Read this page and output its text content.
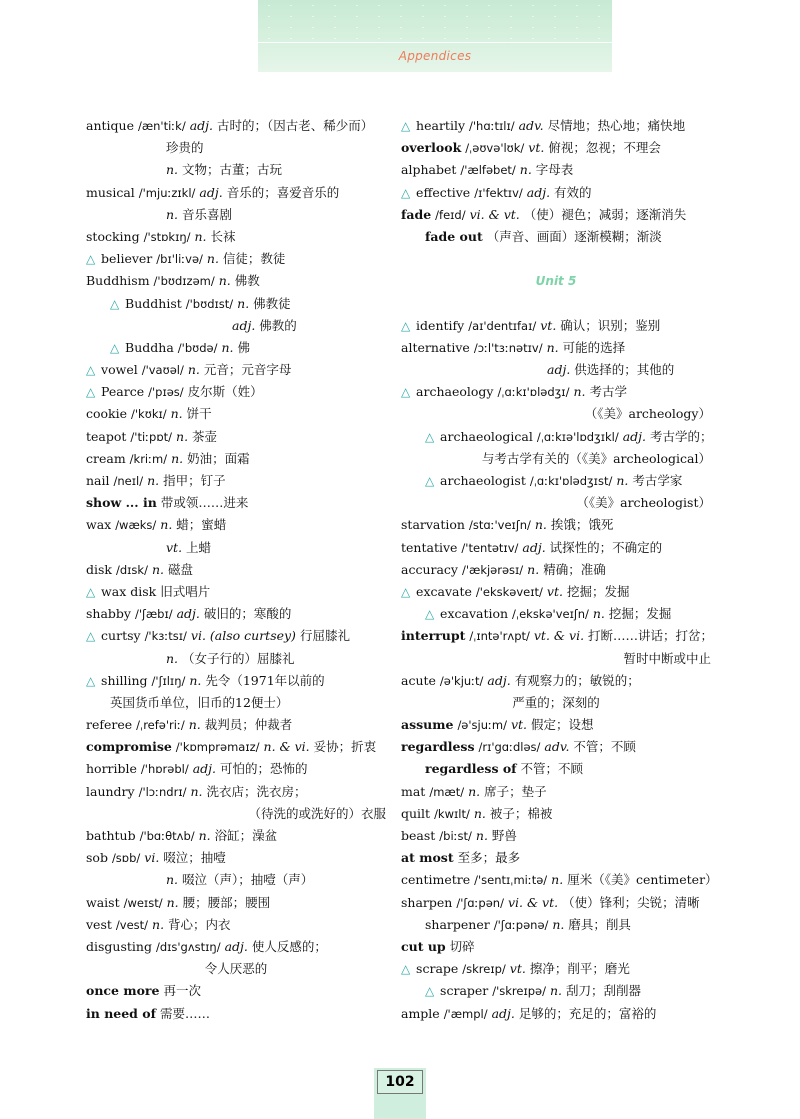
Appendices
antique /æn'tiːk/ adj. 古时的；（因古老、稀少而）
珍贵的
n. 文物；古董；古玩
musical /'mjuːzɪkl/ adj. 音乐的；喜爱音乐的
n. 音乐喜剧
stocking /'stɒkɪŋ/ n. 长袜
△ believer /bɪ'liːvə/ n. 信徒；教徒
Buddhism /'bʊdɪzəm/ n. 佛教
△ Buddhist /'bʊdɪst/ n. 佛教徒
adj. 佛教的
△ Buddha /'bʊdə/ n. 佛
△ vowel /'vaʊəl/ n. 元音；元音字母
△ Pearce /'pɪəs/ 皮尔斯（姓）
cookie /'kʊkɪ/ n. 饼干
teapot /'tiːpɒt/ n. 茶壶
cream /kriːm/ n. 奶油；面霜
nail /neɪl/ n. 指甲；钉子
show ... in 带或领……进来
wax /wæks/ n. 蜡；蜜蜡
vt. 上蜡
disk /dɪsk/ n. 磁盘
△ wax disk 旧式唱片
shabby /'ʃæbɪ/ adj. 破旧的；寒酸的
△ curtsy /'kɜːtsɪ/ vi. (also curtsey) 行屈膝礼
n. （女子行的）屈膝礼
△ shilling /'ʃɪlɪŋ/ n. 先令（1971年以前的
英国货币单位，旧币的12便士）
referee /ˌrefə'riː/ n. 裁判员；仲裁者
compromise /'kɒmprəmaɪz/ n. & vi. 妥协；折衷
horrible /'hɒrəbl/ adj. 可怕的；恐怖的
laundry /'lɔːndrɪ/ n. 洗衣店；洗衣房；
（待洗的或洗好的）衣服
bathtub /'bɑːθtʌb/ n. 浴缸；澡盆
sob /sɒb/ vi. 啜泣；抽噎
n. 啜泣（声）；抽噎（声）
waist /weɪst/ n. 腰；腰部；腰围
vest /vest/ n. 背心；内衣
disgusting /dɪs'gʌstɪŋ/ adj. 使人反感的；
令人厌恶的
once more 再一次
in need of 需要……
△ heartily /'hɑːtɪlɪ/ adv. 尽情地；热心地；痛快地
overlook /ˌəʊvə'lʊk/ vt. 俯视；忽视；不理会
alphabet /'ælfəbet/ n. 字母表
△ effective /ɪ'fektɪv/ adj. 有效的
fade /feɪd/ vi. & vt. （使）褪色；减弱；逐渐消失
fade out （声音、画面）逐渐模糊；渐淡
Unit 5
△ identify /aɪ'dentɪfaɪ/ vt. 确认；识别；鉴别
alternative /ɔːl'tɜːnətɪv/ n. 可能的选择
adj. 供选择的；其他的
△ archaeology /ˌɑːkɪ'ɒlədʒɪ/ n. 考古学
（《美》archeology）
△ archaeological /ˌɑːkɪə'lɒdʒɪkl/ adj. 考古学的；
与考古学有关的（《美》archeological）
△ archaeologist /ˌɑːkɪ'ɒlədʒɪst/ n. 考古学家
（《美》archeologist）
starvation /stɑː'veɪʃn/ n. 挨饿；饿死
tentative /'tentətɪv/ adj. 试探性的；不确定的
accuracy /'ækjərəsɪ/ n. 精确；准确
△ excavate /'ekskəveɪt/ vt. 挖掘；发掘
△ excavation /ˌekskə'veɪʃn/ n. 挖掘；发掘
interrupt /ˌɪntə'rʌpt/ vt. & vi. 打断……讲话；打岔；
暂时中断或中止
acute /ə'kjuːt/ adj. 有观察力的；敏锐的；
严重的；深刻的
assume /ə'sjuːm/ vt. 假定；设想
regardless /rɪ'gɑːdləs/ adv. 不管；不顾
regardless of 不管；不顾
mat /mæt/ n. 席子；垫子
quilt /kwɪlt/ n. 被子；棉被
beast /biːst/ n. 野兽
at most 至多；最多
centimetre /'sentɪˌmiːtə/ n. 厘米（《美》centimeter）
sharpen /'ʃɑːpən/ vi. & vt. （使）锋利；尖锐；清晰
sharpener /'ʃɑːpənə/ n. 磨具；削具
cut up 切碎
△ scrape /skreɪp/ vt. 擦净；削平；磨光
△ scraper /'skreɪpə/ n. 刮刀；刮削器
ample /'æmpl/ adj. 足够的；充足的；富裕的
102
